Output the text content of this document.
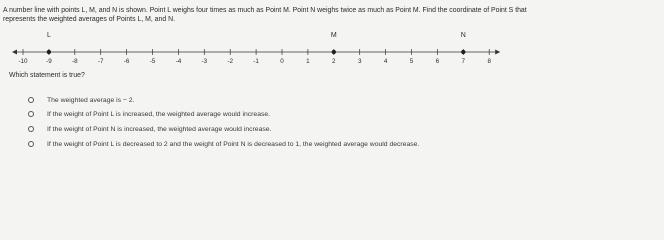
A number line with points L, M, and N is shown. Point L weighs four times as much as Point M. Point N weighs twice as much as Point M. Find the coordinate of Point S that

represents the weighted averages of Points L, M, and N.

-10	-9	-8	-7	-6	-5	-4	-3	-2	-1	0	1	2	3	4	5	6	7	8
L	M	N
Which statement is true?
The weighted average is − 2.
If the weight of Point L is increased, the weighted average would increase.
If the weight of Point N is increased, the weighted average would increase.
If the weight of Point L is decreased to 2 and the weight of Point N is decreased to 1, the weighted average would decrease.
